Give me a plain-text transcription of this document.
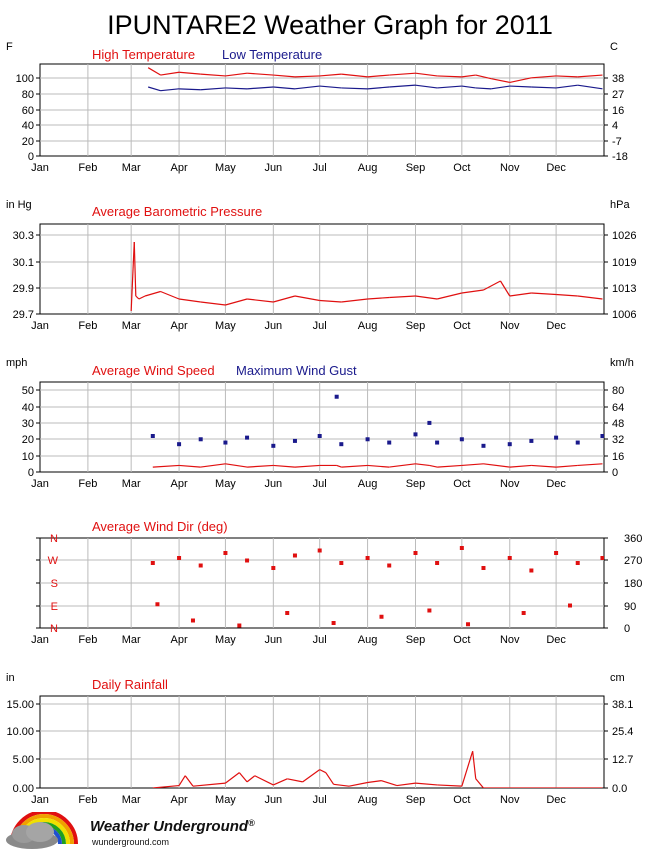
IPUNTARE2 Weather Graph for 2011
Jan	Feb Mar	Apr May	Jun	Jul	Aug	Sep	Oct	Nov Dec
100	38
80	27
60	16
40	4
20	-7
0	-18
F	C
High Temperature Low Temperature
Jan	Feb Mar	Apr May	Jun	Jul	Aug	Sep	Oct	Nov Dec
30.3	1026
30.1	1019
29.9	1013
29.7	1006
in Hg	hPa
Average Barometric Pressure
Jan	Feb Mar	Apr May	Jun	Jul	Aug	Sep	Oct	Nov Dec
50	80
40	64
30	48
20	32
10	16
0	0
mph	km/h
Average Wind Speed Maximum Wind Gust
Jan	Feb Mar	Apr May	Jun	Jul	Aug	Sep	Oct	Nov Dec
N	360
W	270
S	180
E	90
N	0
Average Wind Dir (deg)
Jan	Feb Mar	Apr May	Jun	Jul	Aug	Sep	Oct	Nov Dec
15.00	38.1
10.00	25.4
5.00	12.7
0.00	0.0
in	cm
Daily Rainfall
Weather Underground®
wunderground.com
